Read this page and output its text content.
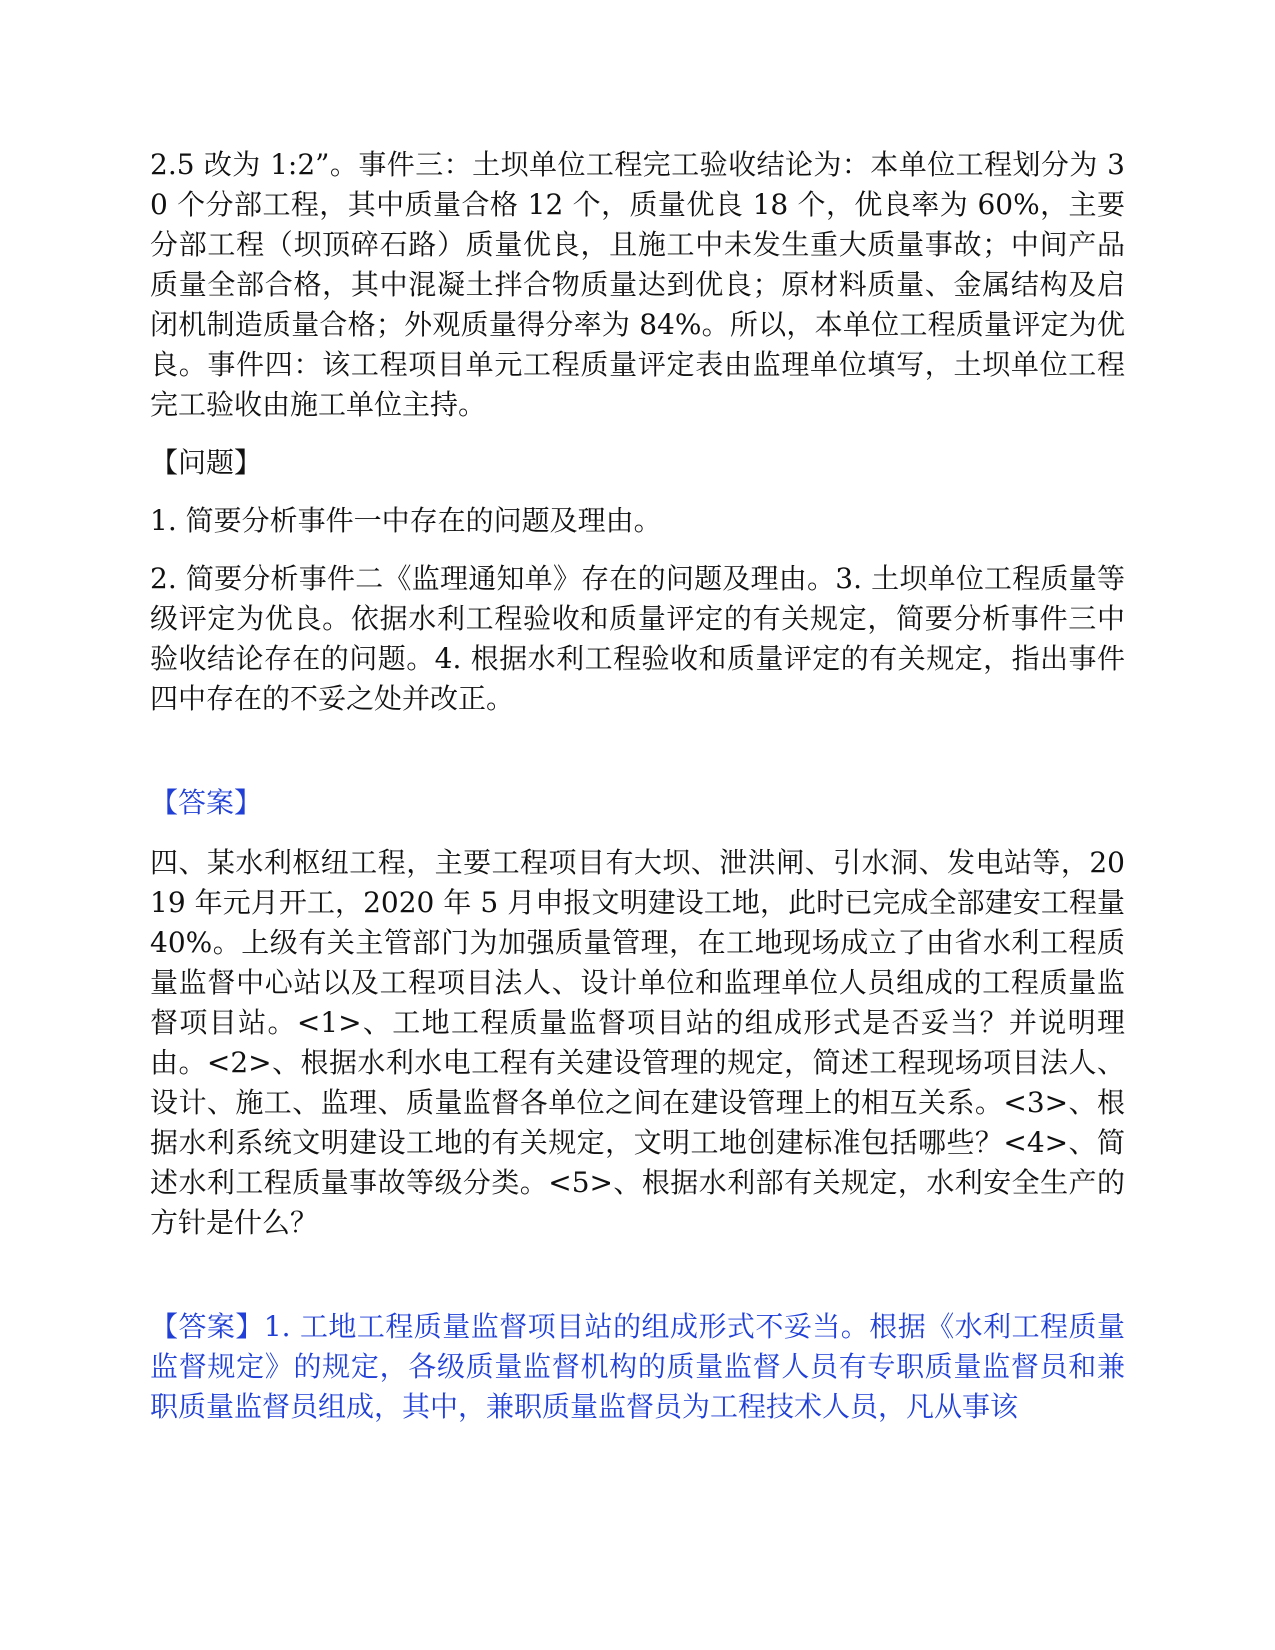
2.5 改为 1:2”。事件三：土坝单位工程完工验收结论为：本单位工程划分为 30 个分部工程，其中质量合格 12 个，质量优良 18 个，优良率为 60%，主要分部工程（坝顶碎石路）质量优良，且施工中未发生重大质量事故；中间产品质量全部合格，其中混凝土拌合物质量达到优良；原材料质量、金属结构及启闭机制造质量合格；外观质量得分率为 84%。所以，本单位工程质量评定为优良。事件四：该工程项目单元工程质量评定表由监理单位填写，土坝单位工程完工验收由施工单位主持。

【问题】

1. 简要分析事件一中存在的问题及理由。

2. 简要分析事件二《监理通知单》存在的问题及理由。3. 土坝单位工程质量等级评定为优良。依据水利工程验收和质量评定的有关规定，简要分析事件三中验收结论存在的问题。4. 根据水利工程验收和质量评定的有关规定，指出事件四中存在的不妥之处并改正。

【答案】

四、某水利枢纽工程，主要工程项目有大坝、泄洪闸、引水洞、发电站等，2019 年元月开工，2020 年 5 月申报文明建设工地，此时已完成全部建安工程量 40%。上级有关主管部门为加强质量管理，在工地现场成立了由省水利工程质量监督中心站以及工程项目法人、设计单位和监理单位人员组成的工程质量监督项目站。<1>、工地工程质量监督项目站的组成形式是否妥当？并说明理由。<2>、根据水利水电工程有关建设管理的规定，简述工程现场项目法人、设计、施工、监理、质量监督各单位之间在建设管理上的相互关系。<3>、根据水利系统文明建设工地的有关规定，文明工地创建标准包括哪些？<4>、简述水利工程质量事故等级分类。<5>、根据水利部有关规定，水利安全生产的方针是什么？

【答案】1. 工地工程质量监督项目站的组成形式不妥当。根据《水利工程质量监督规定》的规定，各级质量监督机构的质量监督人员有专职质量监督员和兼职质量监督员组成，其中，兼职质量监督员为工程技术人员，凡从事该
